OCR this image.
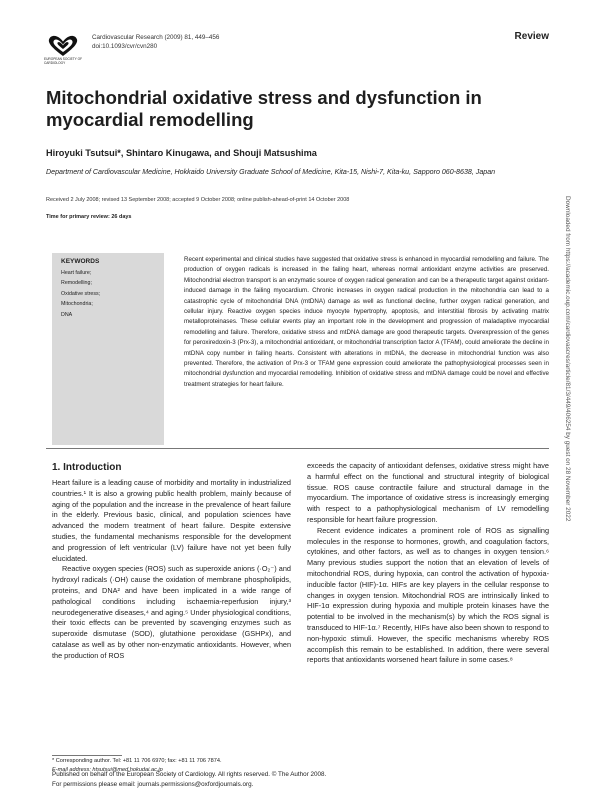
EUROPEAN SOCIETY OF CARDIOLOGY
Cardiovascular Research (2009) 81, 449–456
doi:10.1093/cvr/cvn280
Review
Mitochondrial oxidative stress and dysfunction in myocardial remodelling
Hiroyuki Tsutsui*, Shintaro Kinugawa, and Shouji Matsushima
Department of Cardiovascular Medicine, Hokkaido University Graduate School of Medicine, Kita-15, Nishi-7, Kita-ku, Sapporo 060-8638, Japan
Received 2 July 2008; revised 13 September 2008; accepted 9 October 2008; online publish-ahead-of-print 14 October 2008
Time for primary review: 26 days
KEYWORDS
Heart failure;
Remodelling;
Oxidative stress;
Mitochondria;
DNA
Recent experimental and clinical studies have suggested that oxidative stress is enhanced in myocardial remodelling and failure. The production of oxygen radicals is increased in the failing heart, whereas normal antioxidant enzyme activities are preserved. Mitochondrial electron transport is an enzymatic source of oxygen radical generation and can be a therapeutic target against oxidant-induced damage in the failing myocardium. Chronic increases in oxygen radical production in the mitochondria can lead to a catastrophic cycle of mitochondrial DNA (mtDNA) damage as well as functional decline, further oxygen radical generation, and cellular injury. Reactive oxygen species induce myocyte hypertrophy, apoptosis, and interstitial fibrosis by activating matrix metalloproteinases. These cellular events play an important role in the development and progression of maladaptive myocardial remodelling and failure. Therefore, oxidative stress and mtDNA damage are good therapeutic targets. Overexpression of the genes for peroxiredoxin-3 (Prx-3), a mitochondrial antioxidant, or mitochondrial transcription factor A (TFAM), could ameliorate the decline in mtDNA copy number in failing hearts. Consistent with alterations in mtDNA, the decrease in mitochondrial function was also prevented. Therefore, the activation of Prx-3 or TFAM gene expression could ameliorate the pathophysiological processes seen in mitochondrial dysfunction and myocardial remodelling. Inhibition of oxidative stress and mtDNA damage could be novel and effective treatment strategies for heart failure.
1. Introduction

Heart failure is a leading cause of morbidity and mortality in industrialized countries.¹ It is also a growing public health problem, mainly because of aging of the population and the increase in the prevalence of heart failure in the elderly. Previous basic, clinical, and population sciences have advanced the modern treatment of heart failure. Despite extensive studies, the fundamental mechanisms responsible for the development and progression of left ventricular (LV) failure have not yet been fully elucidated.

Reactive oxygen species (ROS) such as superoxide anions (·O₂⁻) and hydroxyl radicals (·OH) cause the oxidation of membrane phospholipids, proteins, and DNA² and have been implicated in a wide range of pathological conditions including ischaemia-reperfusion injury,³ neurodegenerative diseases,⁴ and aging.⁵ Under physiological conditions, their toxic effects can be prevented by scavenging enzymes such as superoxide dismutase (SOD), glutathione peroxidase (GSHPx), and catalase as well as by other non-enzymatic antioxidants. However, when the production of ROS

exceeds the capacity of antioxidant defenses, oxidative stress might have a harmful effect on the functional and structural integrity of biological tissue. ROS cause contractile failure and structural damage in the myocardium. The importance of oxidative stress is increasingly emerging with respect to a pathophysiological mechanism of LV remodelling responsible for heart failure progression.

Recent evidence indicates a prominent role of ROS as signalling molecules in the response to hormones, growth, and coagulation factors, cytokines, and other factors, as well as to changes in oxygen tension.⁶ Many previous studies support the notion that an elevation of levels of mitochondrial ROS, during hypoxia, can control the activation of hypoxia-inducible factor (HIF)-1α. HIFs are key players in the cellular response to changes in oxygen tension. Mitochondrial ROS are intrinsically linked to HIF-1α expression during hypoxia and multiple protein kinases have the potential to be involved in the mechanism(s) by which the ROS signal is transduced to HIF-1α.⁷ Recently, HIFs have also been shown to respond to non-hypoxic stimuli. However, the specific mechanisms whereby ROS accomplish this remain to be established. In addition, there were several reports that antioxidants worsened heart failure in some cases.⁸

* Corresponding author. Tel: +81 11 706 6970; fax: +81 11 706 7874.
E-mail address: htsutsui@med.hokudai.ac.jp
Downloaded from https://academic.oup.com/cardiovascres/article/81/3/449/406254 by guest on 28 November 2022
Published on behalf of the European Society of Cardiology. All rights reserved. © The Author 2008.
For permissions please email: journals.permissions@oxfordjournals.org.
